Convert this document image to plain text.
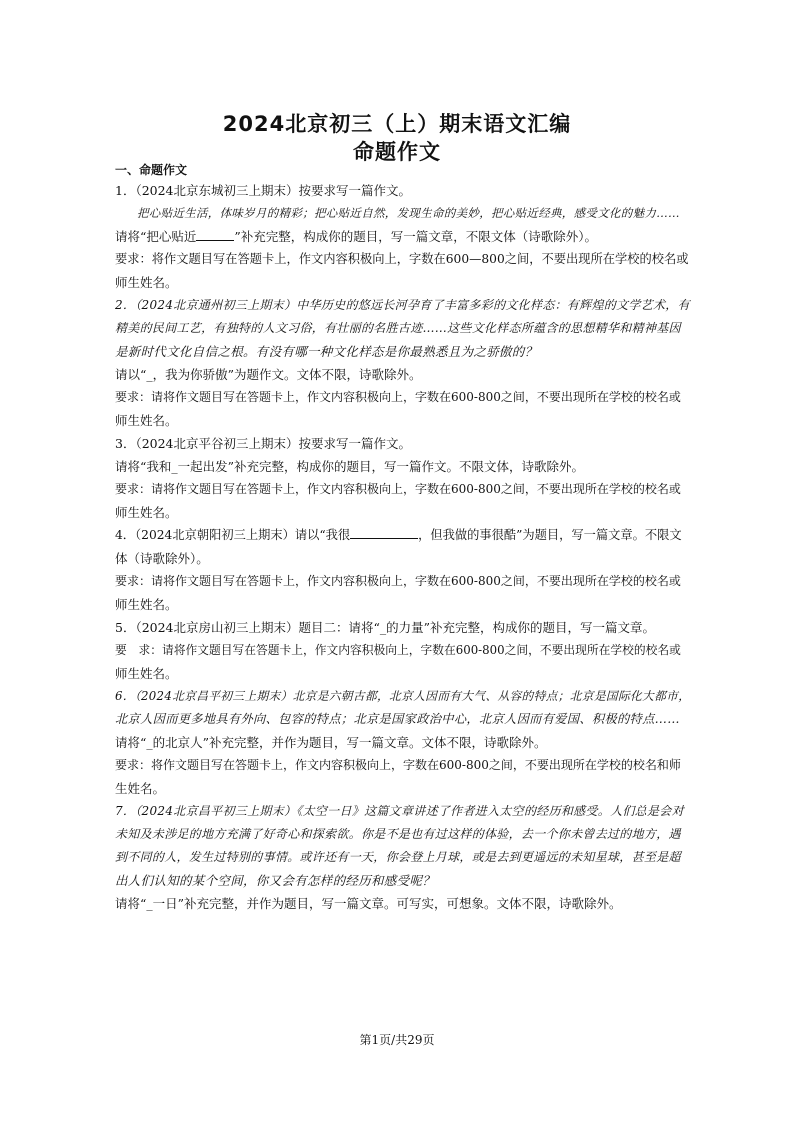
2024北京初三（上）期末语文汇编
命题作文
一、命题作文
1．（2024北京东城初三上期末）按要求写一篇作文。
把心贴近生活，体味岁月的精彩；把心贴近自然，发现生命的美妙，把心贴近经典，感受文化的魅力……
请将“把心贴近	”补充完整，构成你的题目，写一篇文章，不限文体（诗歌除外）。
要求：将作文题目写在答题卡上，作文内容积极向上，字数在600—800之间，不要出现所在学校的校名或
师生姓名。
2．（2024北京通州初三上期末）中华历史的悠远长河孕育了丰富多彩的文化样态：有辉煌的文学艺术，有
精美的民间工艺，有独特的人文习俗，有壮丽的名胜古迹……这些文化样态所蕴含的思想精华和精神基因
是新时代文化自信之根。有没有哪一种文化样态是你最熟悉且为之骄傲的？
请以“_，我为你骄傲”为题作文。文体不限，诗歌除外。
要求：请将作文题目写在答题卡上，作文内容积极向上，字数在600-800之间，不要出现所在学校的校名或
师生姓名。
3．（2024北京平谷初三上期末）按要求写一篇作文。
请将“我和_一起出发”补充完整，构成你的题目，写一篇作文。不限文体，诗歌除外。
要求：请将作文题目写在答题卡上，作文内容积极向上，字数在600-800之间，不要出现所在学校的校名或
师生姓名。
4．（2024北京朝阳初三上期末）请以“我很	，但我做的事很酷”为题目，写一篇文章。不限文
体（诗歌除外）。
要求：请将作文题目写在答题卡上，作文内容积极向上，字数在600-800之间，不要出现所在学校的校名或
师生姓名。
5．（2024北京房山初三上期末）题目二：请将“_的力量”补充完整，构成你的题目，写一篇文章。
要　求：请将作文题目写在答题卡上，作文内容积极向上，字数在600-800之间，不要出现所在学校的校名或
师生姓名。
6．（2024北京昌平初三上期末）北京是六朝古都，北京人因而有大气、从容的特点；北京是国际化大都市，
北京人因而更多地具有外向、包容的特点；北京是国家政治中心，北京人因而有爱国、积极的特点……
请将“_的北京人”补充完整，并作为题目，写一篇文章。文体不限，诗歌除外。
要求：将作文题目写在答题卡上，作文内容积极向上，字数在600-800之间，不要出现所在学校的校名和师
生姓名。
7．（2024北京昌平初三上期末）《太空一日》这篇文章讲述了作者进入太空的经历和感受。人们总是会对
未知及未涉足的地方充满了好奇心和探索欲。你是不是也有过这样的体验，去一个你未曾去过的地方，遇
到不同的人，发生过特别的事情。或许还有一天，你会登上月球，或是去到更遥远的未知星球，甚至是超
出人们认知的某个空间，你又会有怎样的经历和感受呢？
请将“_一日”补充完整，并作为题目，写一篇文章。可写实，可想象。文体不限，诗歌除外。
第1页/共29页
